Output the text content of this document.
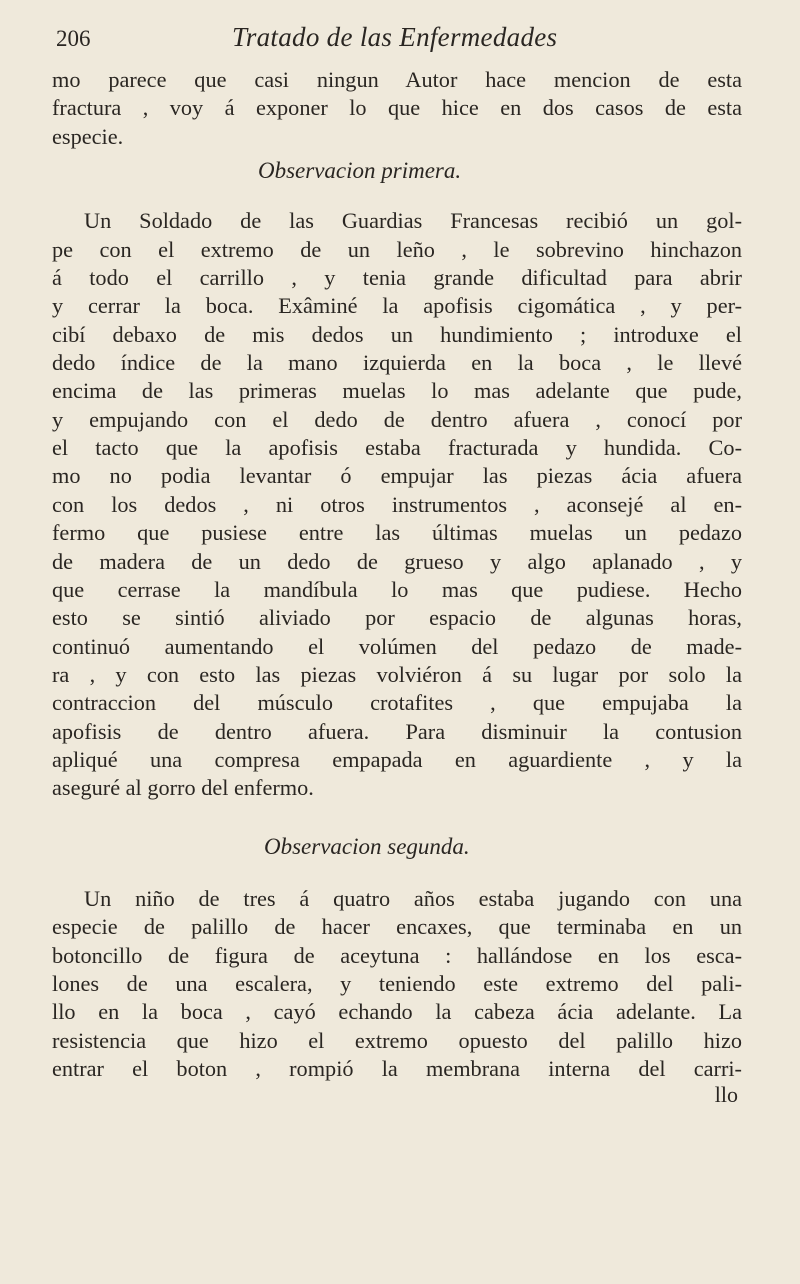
206	Tratado de las Enfermedades
mo parece que casi ningun Autor hace mencion de esta
fractura , voy á exponer lo que hice en dos casos de esta
especie.
Observacion primera.
Un Soldado de las Guardias Francesas recibió un gol-
pe con el extremo de un leño , le sobrevino hinchazon
á todo el carrillo , y tenia grande dificultad para abrir
y cerrar la boca. Exâminé la apofisis cigomática , y per-
cibí debaxo de mis dedos un hundimiento ; introduxe el
dedo índice de la mano izquierda en la boca , le llevé
encima de las primeras muelas lo mas adelante que pude,
y empujando con el dedo de dentro afuera , conocí por
el tacto que la apofisis estaba fracturada y hundida. Co-
mo no podia levantar ó empujar las piezas ácia afuera
con los dedos , ni otros instrumentos , aconsejé al en-
fermo que pusiese entre las últimas muelas un pedazo
de madera de un dedo de grueso y algo aplanado , y
que cerrase la mandíbula lo mas que pudiese. Hecho
esto se sintió aliviado por espacio de algunas horas,
continuó aumentando el volúmen del pedazo de made-
ra , y con esto las piezas volviéron á su lugar por solo la
contraccion del músculo crotafites , que empujaba la
apofisis de dentro afuera. Para disminuir la contusion
apliqué una compresa empapada en aguardiente , y la
aseguré al gorro del enfermo.
Observacion segunda.
Un niño de tres á quatro años estaba jugando con una
especie de palillo de hacer encaxes, que terminaba en un
botoncillo de figura de aceytuna : hallándose en los esca-
lones de una escalera, y teniendo este extremo del pali-
llo en la boca , cayó echando la cabeza ácia adelante. La
resistencia que hizo el extremo opuesto del palillo hizo
entrar el boton , rompió la membrana interna del carri-
llo
